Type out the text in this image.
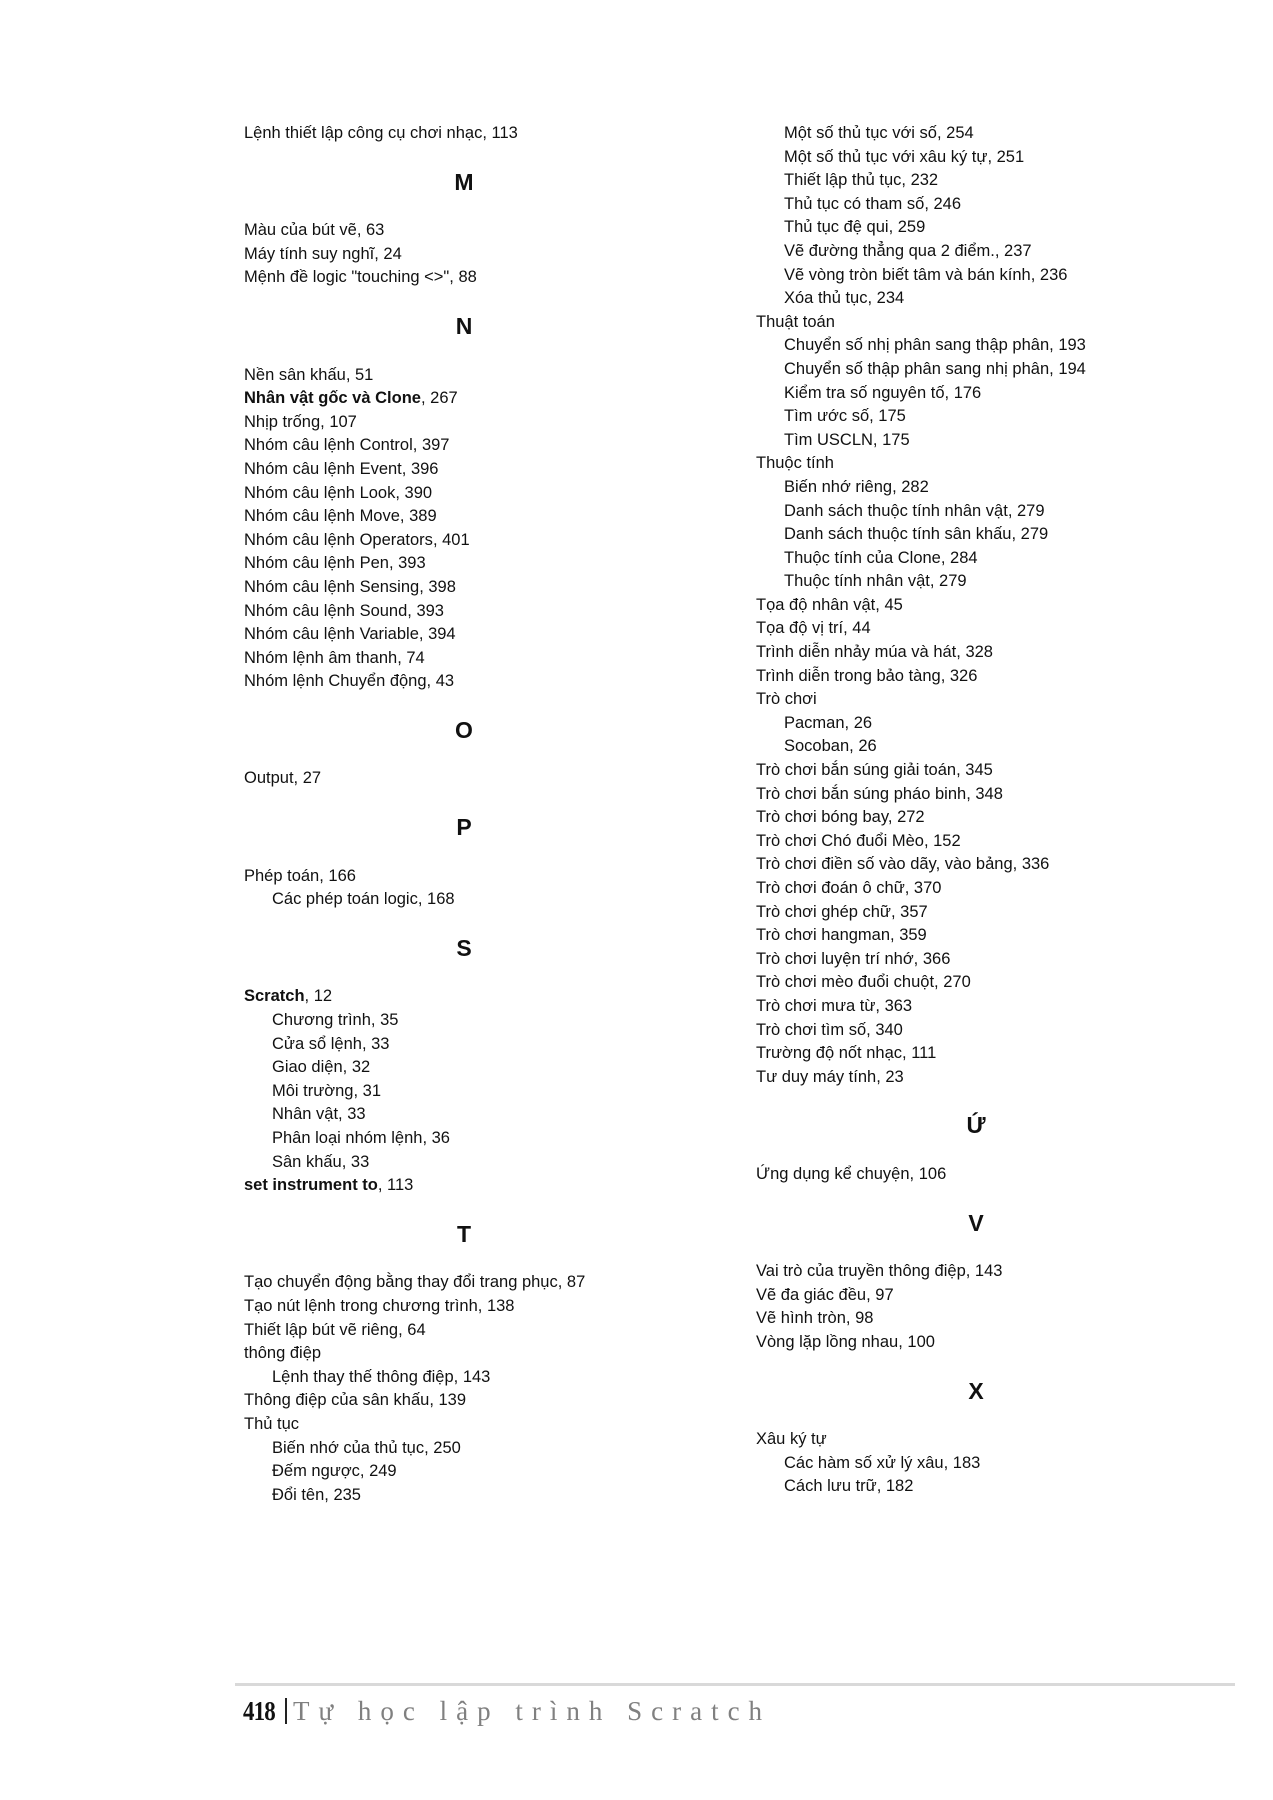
Lệnh thiết lập công cụ chơi nhạc, 113
M
Màu của bút vẽ, 63
Máy tính suy nghĩ, 24
Mệnh đề logic "touching <>", 88
N
Nền sân khấu, 51
Nhân vật gốc và Clone, 267
Nhịp trống, 107
Nhóm câu lệnh Control, 397
Nhóm câu lệnh Event, 396
Nhóm câu lệnh Look, 390
Nhóm câu lệnh Move, 389
Nhóm câu lệnh Operators, 401
Nhóm câu lệnh Pen, 393
Nhóm câu lệnh Sensing, 398
Nhóm câu lệnh Sound, 393
Nhóm câu lệnh Variable, 394
Nhóm lệnh âm thanh, 74
Nhóm lệnh Chuyển động, 43
O
Output, 27
P
Phép toán, 166
Các phép toán logic, 168
S
Scratch, 12
Chương trình, 35
Cửa sổ lệnh, 33
Giao diện, 32
Môi trường, 31
Nhân vật, 33
Phân loại nhóm lệnh, 36
Sân khấu, 33
set instrument to, 113
T
Tạo chuyển động bằng thay đổi trang phục, 87
Tạo nút lệnh trong chương trình, 138
Thiết lập bút vẽ riêng, 64
thông điệp
Lệnh thay thế thông điệp, 143
Thông điệp của sân khấu, 139
Thủ tục
Biến nhớ của thủ tục, 250
Đếm ngược, 249
Đổi tên, 235
Một số thủ tục với số, 254
Một số thủ tục với xâu ký tự, 251
Thiết lập thủ tục, 232
Thủ tục có tham số, 246
Thủ tục đệ qui, 259
Vẽ đường thẳng qua 2 điểm., 237
Vẽ vòng tròn biết tâm và bán kính, 236
Xóa thủ tục, 234
Thuật toán
Chuyển số nhị phân sang thập phân, 193
Chuyển số thập phân sang nhị phân, 194
Kiểm tra số nguyên tố, 176
Tìm ước số, 175
Tìm USCLN, 175
Thuộc tính
Biến nhớ riêng, 282
Danh sách thuộc tính nhân vật, 279
Danh sách thuộc tính sân khấu, 279
Thuộc tính của Clone, 284
Thuộc tính nhân vật, 279
Tọa độ nhân vật, 45
Tọa độ vị trí, 44
Trình diễn nhảy múa và hát, 328
Trình diễn trong bảo tàng, 326
Trò chơi
Pacman, 26
Socoban, 26
Trò chơi bắn súng giải toán, 345
Trò chơi bắn súng pháo binh, 348
Trò chơi bóng bay, 272
Trò chơi Chó đuổi Mèo, 152
Trò chơi điền số vào dãy, vào bảng, 336
Trò chơi đoán ô chữ, 370
Trò chơi ghép chữ, 357
Trò chơi hangman, 359
Trò chơi luyện trí nhớ, 366
Trò chơi mèo đuổi chuột, 270
Trò chơi mưa từ, 363
Trò chơi tìm số, 340
Trường độ nốt nhạc, 111
Tư duy máy tính, 23
Ứ
Ứng dụng kể chuyện, 106
V
Vai trò của truyền thông điệp, 143
Vẽ đa giác đều, 97
Vẽ hình tròn, 98
Vòng lặp lồng nhau, 100
X
Xâu ký tự
Các hàm số xử lý xâu, 183
Cách lưu trữ, 182
418 Tự học lập trình Scratch
